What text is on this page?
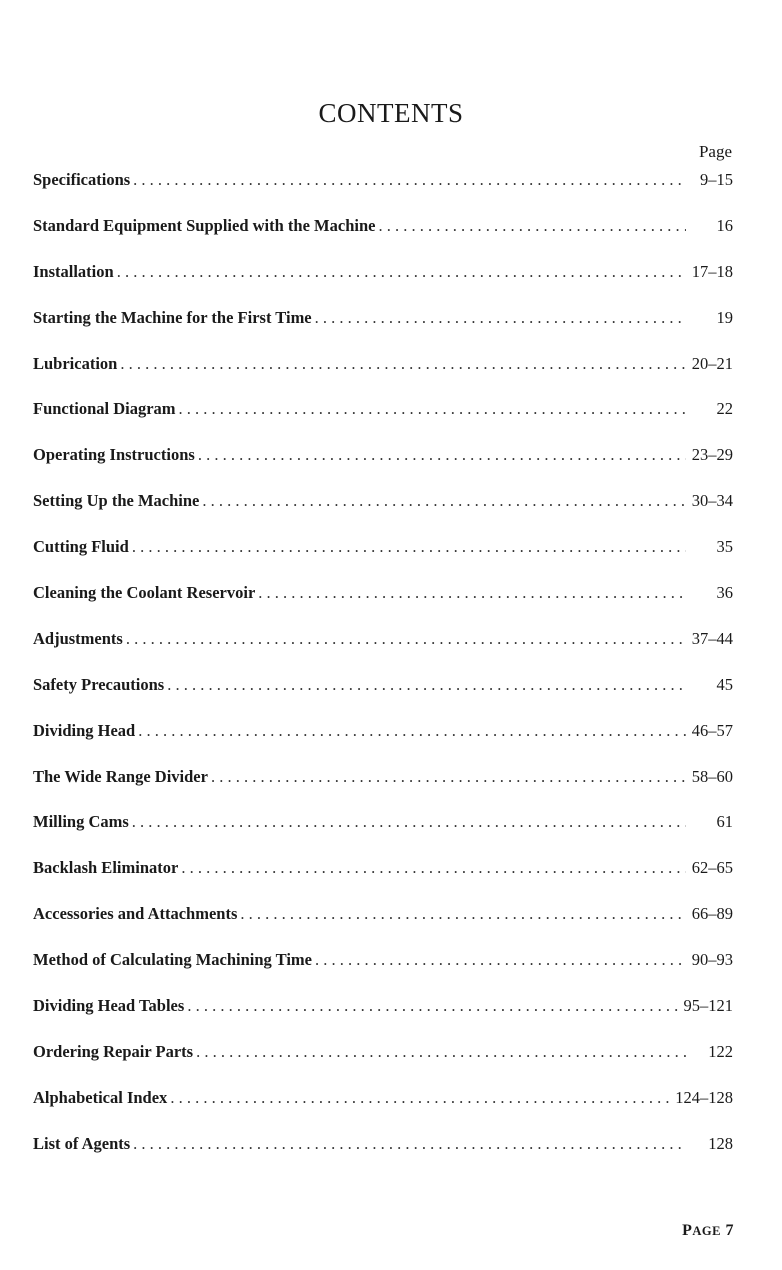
CONTENTS
Page
Specifications . . .	9–15
Standard Equipment Supplied with the Machine . . .	16
Installation . . .	17–18
Starting the Machine for the First Time . . .	19
Lubrication . . .	20–21
Functional Diagram . . .	22
Operating Instructions . . .	23–29
Setting Up the Machine . . .	30–34
Cutting Fluid . . .	35
Cleaning the Coolant Reservoir . . .	36
Adjustments . . .	37–44
Safety Precautions . . .	45
Dividing Head . . .	46–57
The Wide Range Divider . . .	58–60
Milling Cams . . .	61
Backlash Eliminator . . .	62–65
Accessories and Attachments . . .	66–89
Method of Calculating Machining Time . . .	90–93
Dividing Head Tables . . .	95–121
Ordering Repair Parts . . .	122
Alphabetical Index . . .	124–128
List of Agents . . .	128
PAGE 7
